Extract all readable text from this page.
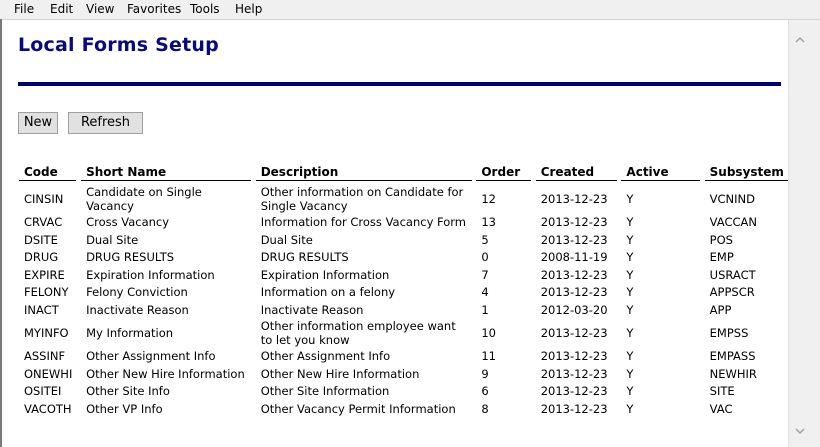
File Edit View Favorites Tools Help
Local Forms Setup
New	Refresh
Code		Short Name		Description		Order		Created		Active		Subsystem

CINSIN		Candidate on Single Vacancy		Other information on Candidate for Single Vacancy		12		2013-12-23		Y		VCNIND
CRVAC		Cross Vacancy		Information for Cross Vacancy Form		13		2013-12-23		Y		VACCAN
DSITE		Dual Site		Dual Site		5		2013-12-23		Y		POS
DRUG		DRUG RESULTS		DRUG RESULTS		0		2008-11-19		Y		EMP
EXPIRE		Expiration Information		Expiration Information		7		2013-12-23		Y		USRACT
FELONY		Felony Conviction		Information on a felony		4		2013-12-23		Y		APPSCR
INACT		Inactivate Reason		Inactivate Reason		1		2012-03-20		Y		APP
MYINFO		My Information		Other information employee want to let you know		10		2013-12-23		Y		EMPSS
ASSINF		Other Assignment Info		Other Assignment Info		11		2013-12-23		Y		EMPASS
ONEWHI		Other New Hire Information		Other New Hire Information		9		2013-12-23		Y		NEWHIR
OSITEI		Other Site Info		Other Site Information		6		2013-12-23		Y		SITE
VACOTH		Other VP Info		Other Vacancy Permit Information		8		2013-12-23		Y		VAC
